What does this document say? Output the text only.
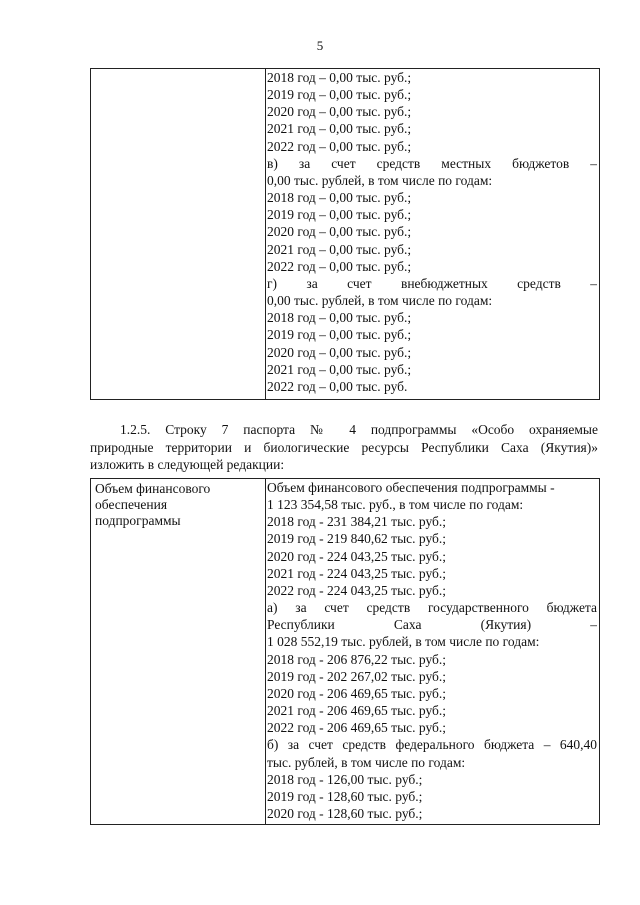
5
2018 год – 0,00 тыс. руб.;
2019 год – 0,00 тыс. руб.;
2020 год – 0,00 тыс. руб.;
2021 год – 0,00 тыс. руб.;
2022 год – 0,00 тыс. руб.;
в) за счет средств местных бюджетов –
0,00 тыс. рублей, в том числе по годам:
2018 год – 0,00 тыс. руб.;
2019 год – 0,00 тыс. руб.;
2020 год – 0,00 тыс. руб.;
2021 год – 0,00 тыс. руб.;
2022 год – 0,00 тыс. руб.;
г) за счет внебюджетных средств –
0,00 тыс. рублей, в том числе по годам:
2018 год – 0,00 тыс. руб.;
2019 год – 0,00 тыс. руб.;
2020 год – 0,00 тыс. руб.;
2021 год – 0,00 тыс. руб.;
2022 год – 0,00 тыс. руб.
1.2.5. Строку 7 паспорта № 4 подпрограммы «Особо охраняемые
природные территории и биологические ресурсы Республики Саха (Якутия)»
изложить в следующей редакции:
Объем финансового
обеспечения
подпрограммы
Объем финансового обеспечения подпрограммы -
1 123 354,58 тыс. руб., в том числе по годам:
2018 год - 231 384,21 тыс. руб.;
2019 год - 219 840,62 тыс. руб.;
2020 год - 224 043,25 тыс. руб.;
2021 год - 224 043,25 тыс. руб.;
2022 год - 224 043,25 тыс. руб.;
а) за счет средств государственного бюджета
Республики Саха (Якутия) –
1 028 552,19 тыс. рублей, в том числе по годам:
2018 год - 206 876,22 тыс. руб.;
2019 год - 202 267,02 тыс. руб.;
2020 год - 206 469,65 тыс. руб.;
2021 год - 206 469,65 тыс. руб.;
2022 год - 206 469,65 тыс. руб.;
б) за счет средств федерального бюджета – 640,40
тыс. рублей, в том числе по годам:
2018 год - 126,00 тыс. руб.;
2019 год - 128,60 тыс. руб.;
2020 год - 128,60 тыс. руб.;
